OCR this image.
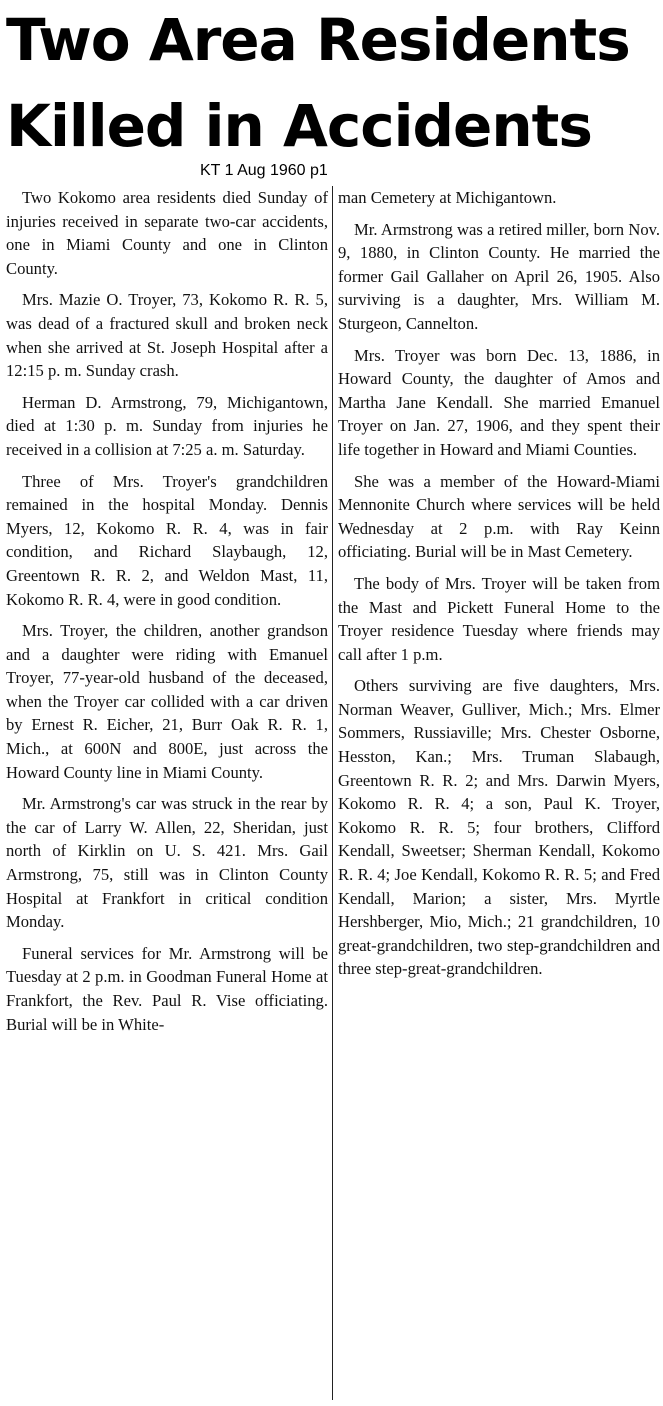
Two Area Residents
Killed in Accidents
KT 1 Aug 1960 p1

Two Kokomo area residents died Sunday of injuries received in separate two-car accidents, one in Miami County and one in Clinton County.

Mrs. Mazie O. Troyer, 73, Kokomo R. R. 5, was dead of a fractured skull and broken neck when she arrived at St. Joseph Hospital after a 12:15 p. m. Sunday crash.

Herman D. Armstrong, 79, Michigantown, died at 1:30 p. m. Sunday from injuries he received in a collision at 7:25 a. m. Saturday.

Three of Mrs. Troyer's grandchildren remained in the hospital Monday. Dennis Myers, 12, Kokomo R. R. 4, was in fair condition, and Richard Slaybaugh, 12, Greentown R. R. 2, and Weldon Mast, 11, Kokomo R. R. 4, were in good condition.

Mrs. Troyer, the children, another grandson and a daughter were riding with Emanuel Troyer, 77-year-old husband of the deceased, when the Troyer car collided with a car driven by Ernest R. Eicher, 21, Burr Oak R. R. 1, Mich., at 600N and 800E, just across the Howard County line in Miami County.

Mr. Armstrong's car was struck in the rear by the car of Larry W. Allen, 22, Sheridan, just north of Kirklin on U. S. 421. Mrs. Gail Armstrong, 75, still was in Clinton County Hospital at Frankfort in critical condition Monday.

Funeral services for Mr. Armstrong will be Tuesday at 2 p.m. in Goodman Funeral Home at Frankfort, the Rev. Paul R. Vise officiating. Burial will be in White-

man Cemetery at Michigantown.

Mr. Armstrong was a retired miller, born Nov. 9, 1880, in Clinton County. He married the former Gail Gallaher on April 26, 1905. Also surviving is a daughter, Mrs. William M. Sturgeon, Cannelton.

Mrs. Troyer was born Dec. 13, 1886, in Howard County, the daughter of Amos and Martha Jane Kendall. She married Emanuel Troyer on Jan. 27, 1906, and they spent their life together in Howard and Miami Counties.

She was a member of the Howard-Miami Mennonite Church where services will be held Wednesday at 2 p.m. with Ray Keinn officiating. Burial will be in Mast Cemetery.

The body of Mrs. Troyer will be taken from the Mast and Pickett Funeral Home to the Troyer residence Tuesday where friends may call after 1 p.m.

Others surviving are five daughters, Mrs. Norman Weaver, Gulliver, Mich.; Mrs. Elmer Sommers, Russiaville; Mrs. Chester Osborne, Hesston, Kan.; Mrs. Truman Slabaugh, Greentown R. R. 2; and Mrs. Darwin Myers, Kokomo R. R. 4; a son, Paul K. Troyer, Kokomo R. R. 5; four brothers, Clifford Kendall, Sweetser; Sherman Kendall, Kokomo R. R. 4; Joe Kendall, Kokomo R. R. 5; and Fred Kendall, Marion; a sister, Mrs. Myrtle Hershberger, Mio, Mich.; 21 grandchildren, 10 great-grandchildren, two step-grandchildren and three step-great-grandchildren.
